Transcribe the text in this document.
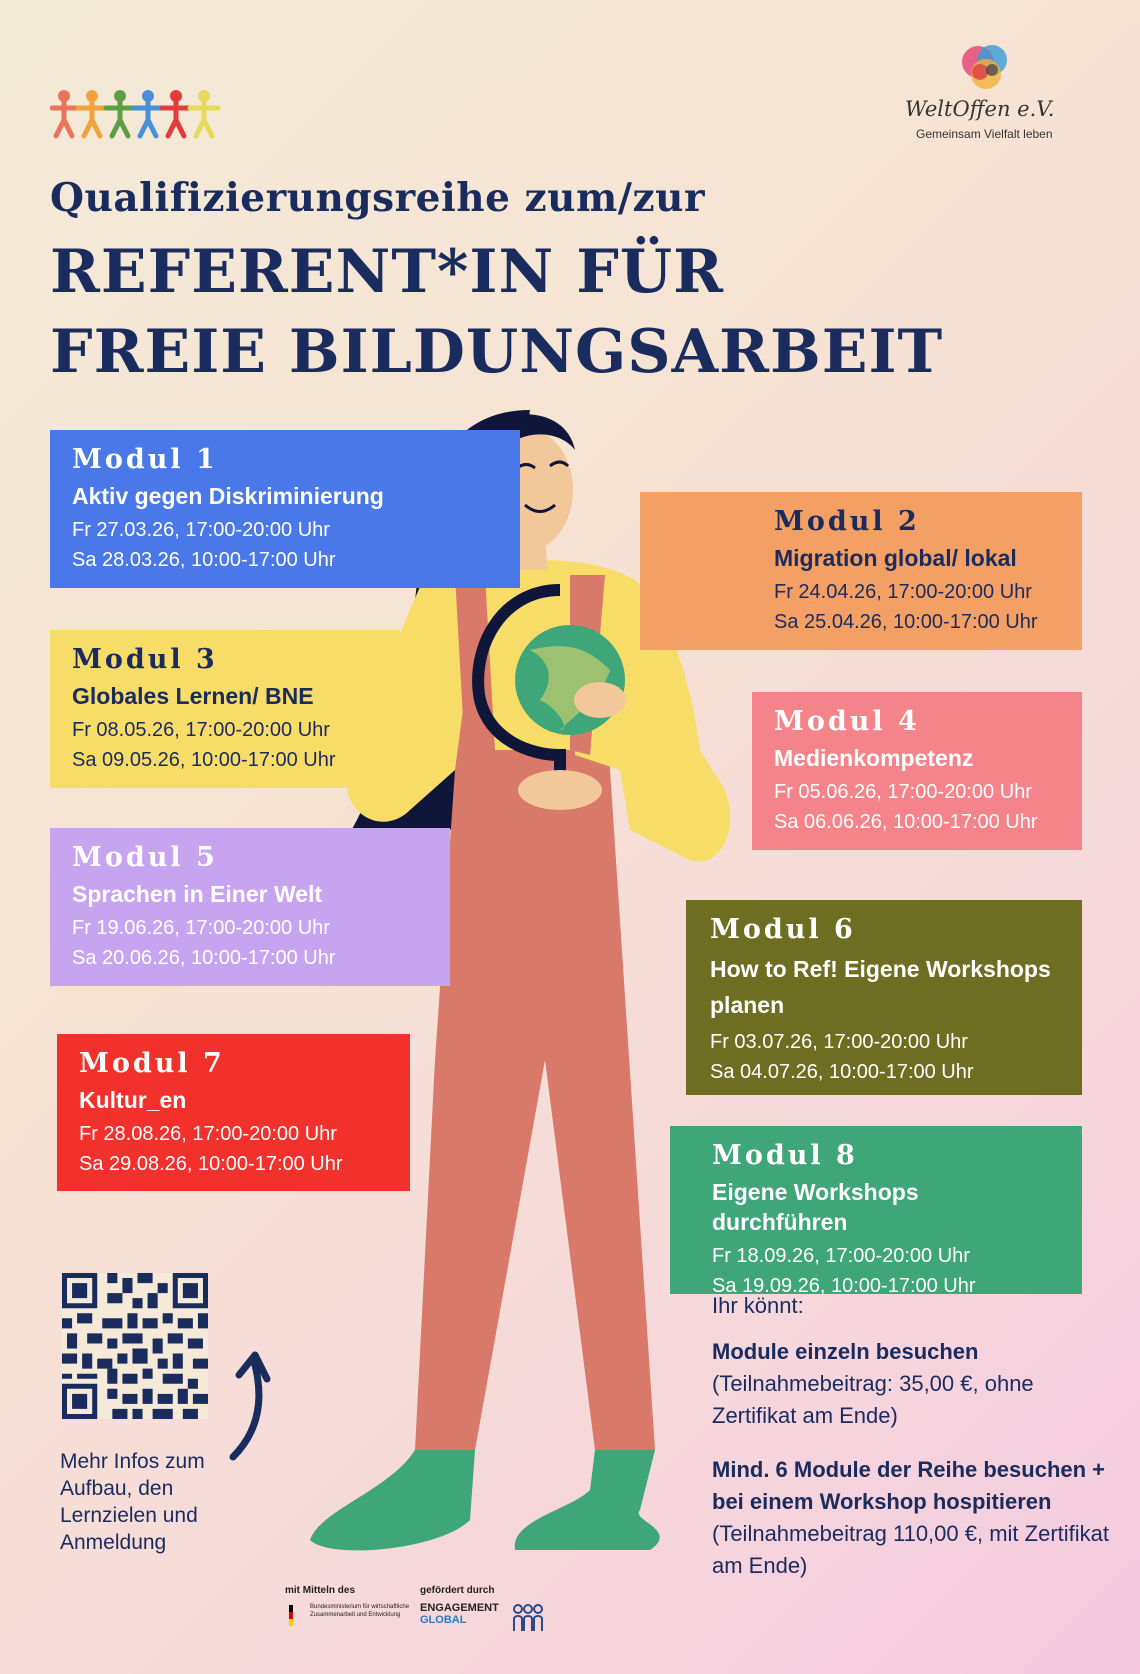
WeltOffen e.V.
Gemeinsam Vielfalt leben
Qualifizierungsreihe zum/zur
REFERENT*IN FÜR
FREIE BILDUNGSARBEIT
Modul 1
Aktiv gegen Diskriminierung
Fr 27.03.26, 17:00-20:00 Uhr
Sa 28.03.26, 10:00-17:00 Uhr
Modul 2
Migration global/ lokal
Fr 24.04.26, 17:00-20:00 Uhr
Sa 25.04.26, 10:00-17:00 Uhr
Modul 3
Globales Lernen/ BNE
Fr 08.05.26, 17:00-20:00 Uhr
Sa 09.05.26, 10:00-17:00 Uhr
Modul 4
Medienkompetenz
Fr 05.06.26, 17:00-20:00 Uhr
Sa 06.06.26, 10:00-17:00 Uhr
Modul 5
Sprachen in Einer Welt
Fr 19.06.26, 17:00-20:00 Uhr
Sa 20.06.26, 10:00-17:00 Uhr
Modul 6
How to Ref! Eigene Workshops planen
Fr 03.07.26, 17:00-20:00 Uhr
Sa 04.07.26, 10:00-17:00 Uhr
Modul 7
Kultur_en
Fr 28.08.26, 17:00-20:00 Uhr
Sa 29.08.26, 10:00-17:00 Uhr	Modul 8
Eigene Workshops durchführen
Fr 18.09.26, 17:00-20:00 Uhr
Sa 19.09.26, 10:00-17:00 Uhr
Ihr könnt:
Module einzeln besuchen
(Teilnahmebeitrag: 35,00 €, ohne Zertifikat am Ende)
Mind. 6 Module der Reihe besuchen + bei einem Workshop hospitieren
(Teilnahmebeitrag 110,00 €, mit Zertifikat am Ende)
Mehr Infos zum Aufbau, den Lernzielen und Anmeldung
mit Mitteln des
Bundesministerium für wirtschaftliche Zusammenarbeit und Entwicklung
gefördert durch
ENGAGEMENT
GLOBAL
